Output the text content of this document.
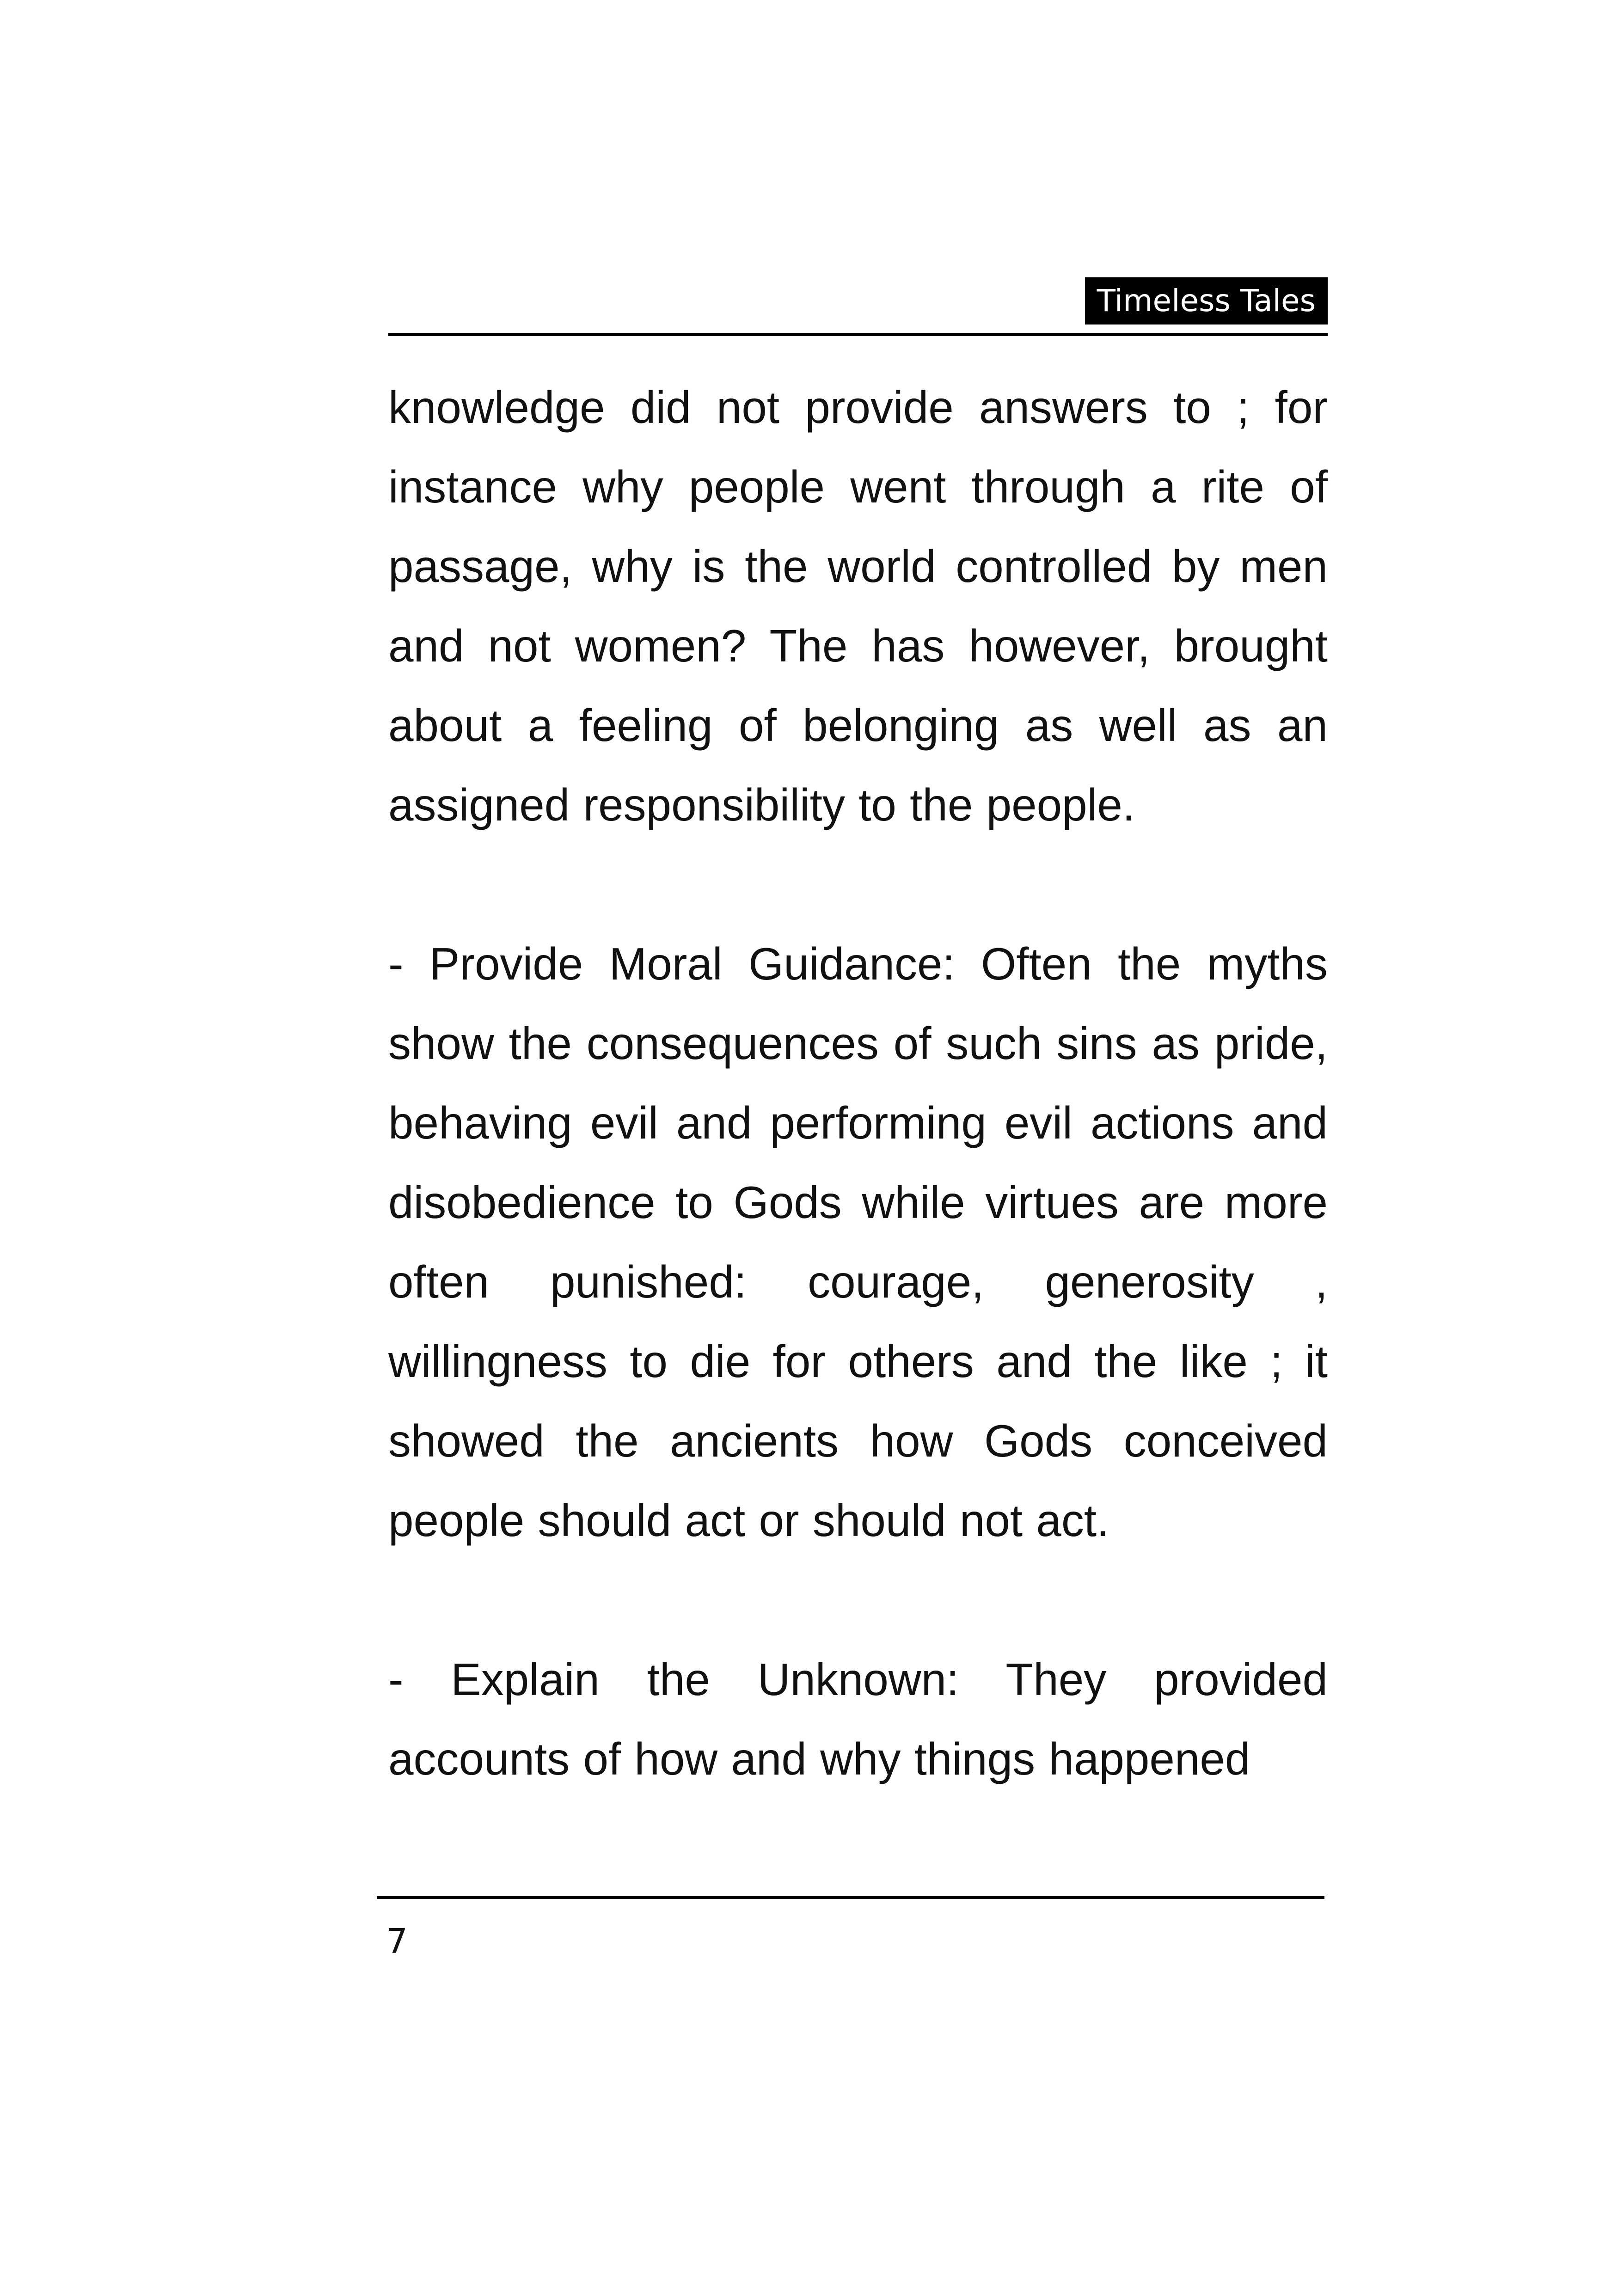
Timeless Tales

knowledge did not provide answers to ; for instance why people went through a rite of passage, why is the world controlled by men and not women? The has however, brought about a feeling of belonging as well as an assigned responsibility to the people.

- Provide Moral Guidance: Often the myths show the consequences of such sins as pride, behaving evil and performing evil actions and disobedience to Gods while virtues are more often punished: courage, generosity , willingness to die for others and the like ; it showed the ancients how Gods conceived people should act or should not act.

- Explain the Unknown: They provided accounts of how and why things happened

7
